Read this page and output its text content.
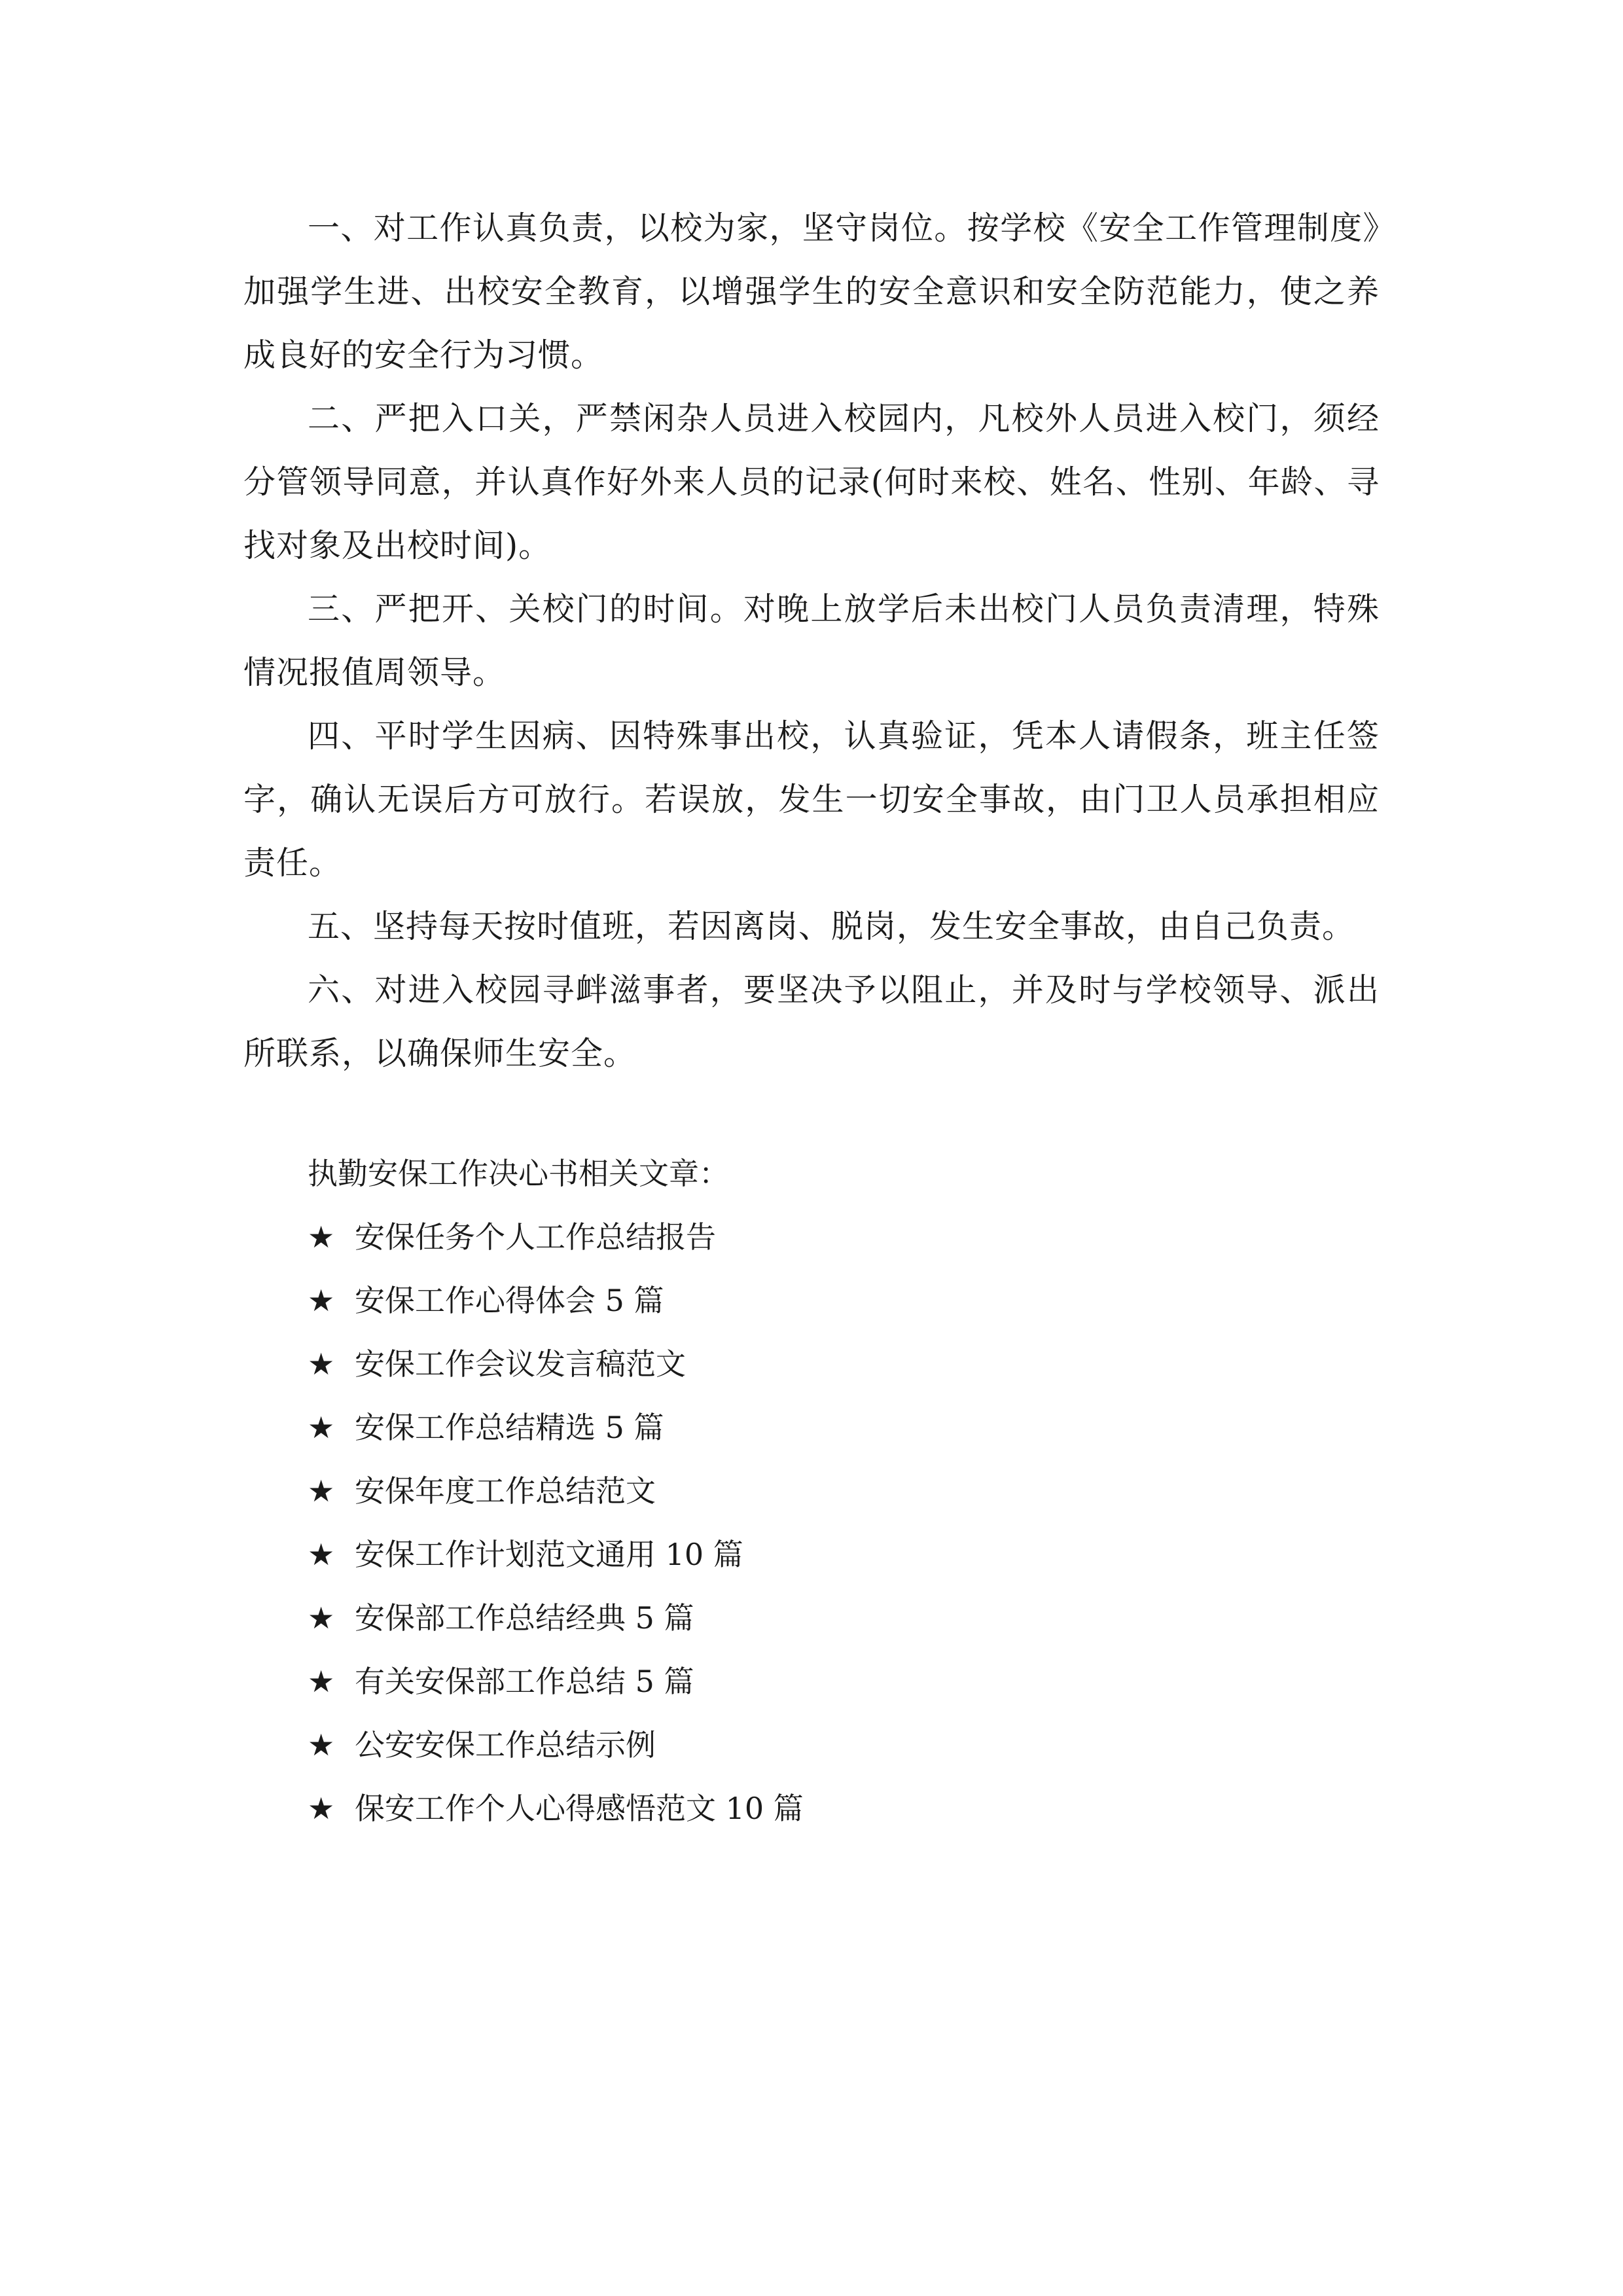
一、对工作认真负责，以校为家，坚守岗位。按学校《安全工作管理制度》加强学生进、出校安全教育，以增强学生的安全意识和安全防范能力，使之养成良好的安全行为习惯。

二、严把入口关，严禁闲杂人员进入校园内，凡校外人员进入校门，须经分管领导同意，并认真作好外来人员的记录(何时来校、姓名、性别、年龄、寻找对象及出校时间)。

三、严把开、关校门的时间。对晚上放学后未出校门人员负责清理，特殊情况报值周领导。

四、平时学生因病、因特殊事出校，认真验证，凭本人请假条，班主任签字，确认无误后方可放行。若误放，发生一切安全事故，由门卫人员承担相应责任。

五、坚持每天按时值班，若因离岗、脱岗，发生安全事故，由自己负责。

六、对进入校园寻衅滋事者，要坚决予以阻止，并及时与学校领导、派出所联系，以确保师生安全。

执勤安保工作决心书相关文章：

★ 安保任务个人工作总结报告
★ 安保工作心得体会 5 篇
★ 安保工作会议发言稿范文
★ 安保工作总结精选 5 篇
★ 安保年度工作总结范文
★ 安保工作计划范文通用 10 篇
★ 安保部工作总结经典 5 篇
★ 有关安保部工作总结 5 篇
★ 公安安保工作总结示例
★ 保安工作个人心得感悟范文 10 篇
